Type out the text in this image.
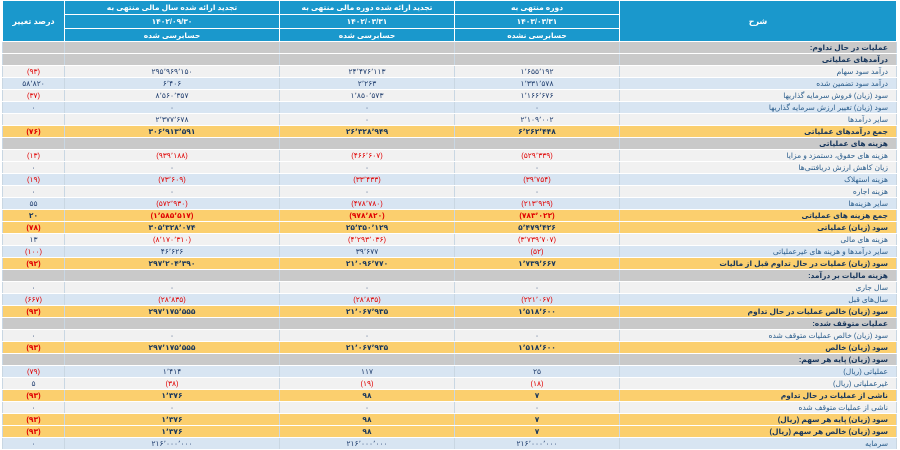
شرح	دوره منتهی به	تجدید ارائه شده دوره مالی منتهی به	تجدید ارائه شده سال مالی منتهی به	درصد تغییر
	۱۴۰۳/۰۳/۳۱	۱۴۰۲/۰۳/۳۱	۱۴۰۲/۰۹/۳۰	
	حسابرسی نشده	حسابرسی شده	حسابرسی شده	
عملیات در حال تداوم:				
درآمدهای عملیاتی				
درآمد سود سهام	۱٬۶۵۵٬۱۹۲	۲۴٬۴۷۶٬۱۱۳	۲۹۵٬۹۶۹٬۱۵۰	(۹۳)
درآمد سود تضمین شده	۱٬۳۳۱٬۵۷۸	۲٬۲۶۳	۶٬۴۰۶	۵۸٬۸۲۰
سود (زیان) فروش سرمایه گذاریها	۱٬۱۶۶٬۶۷۶	۱٬۸۵۰٬۵۷۳	۸٬۵۶۰٬۳۵۷	(۳۷)
سود (زیان) تغییر ارزش سرمایه گذاریها	۰	۰	۰	۰
سایر درآمدها	۲٬۱۰۹٬۰۰۲	۰	۲٬۳۷۷٬۶۷۸	
جمع درآمدهای عملیاتی	۶٬۲۶۲٬۴۴۸	۲۶٬۳۲۸٬۹۴۹	۳۰۶٬۹۱۳٬۵۹۱	(۷۶)
هزینه های عملیاتی				
هزینه های حقوق، دستمزد و مزایا	(۵۲۹٬۳۳۹)	(۴۶۶٬۶۰۷)	(۹۳۹٬۱۸۸)	(۱۳)
زیان کاهش ارزش دریافتنی‌ها	۰	۰	۰	۰
هزینه استهلاک	(۳۹٬۷۵۴)	(۳۳٬۴۳۳)	(۷۳٬۶۰۹)	(۱۹)
هزینه اجاره	۰	۰	۰	۰
سایر هزینه‌ها	(۲۱۳٬۹۲۹)	(۴۷۸٬۷۸۰)	(۵۷۲٬۹۳۰)	۵۵
جمع هزینه های عملیاتی	(۷۸۳٬۰۲۲)	(۹۷۸٬۸۲۰)	(۱٬۵۸۵٬۵۱۷)	۲۰
سود (زیان) عملیاتی	۵٬۴۷۹٬۴۲۶	۲۵٬۳۵۰٬۱۲۹	۳۰۵٬۳۲۸٬۰۷۴	(۷۸)
هزینه های مالی	(۳٬۷۳۹٬۷۰۷)	(۴٬۲۹۳٬۰۳۶)	(۸٬۱۷۰٬۳۱۰)	۱۳
سایر درآمدها و هزینه های غیرعملیاتی	(۵۲)	۳۹٬۶۷۷	۴۶٬۶۲۶	(۱۰۰)
سود (زیان) عملیات در حال تداوم قبل از مالیات	۱٬۷۳۹٬۶۶۷	۲۱٬۰۹۶٬۷۷۰	۲۹۷٬۲۰۴٬۳۹۰	(۹۲)
هزینه مالیات بر درآمد:				
سال جاری	۰	۰	۰	۰
سال‌های قبل	(۲۲۱٬۰۶۷)	(۲۸٬۸۳۵)	(۲۸٬۸۳۵)	(۶۶۷)
سود (زیان) خالص عملیات در حال تداوم	۱٬۵۱۸٬۶۰۰	۲۱٬۰۶۷٬۹۳۵	۲۹۷٬۱۷۵٬۵۵۵	(۹۳)
عملیات متوقف شده:				
سود (زیان) خالص عملیات متوقف شده	۰	۰	۰	۰
سود (زیان) خالص	۱٬۵۱۸٬۶۰۰	۲۱٬۰۶۷٬۹۳۵	۲۹۷٬۱۷۵٬۵۵۵	(۹۳)
سود (زیان) پایه هر سهم:				
عملیاتی (ریال)	۲۵	۱۱۷	۱٬۴۱۴	(۷۹)
غیرعملیاتی (ریال)	(۱۸)	(۱۹)	(۳۸)	۵
ناشی از عملیات در حال تداوم	۷	۹۸	۱٬۳۷۶	(۹۳)
ناشی از عملیات متوقف شده	۰	۰	۰	۰
سود (زیان) پایه هر سهم (ریال)	۷	۹۸	۱٬۳۷۶	(۹۳)
سود (زیان) خالص هر سهم (ریال)	۷	۹۸	۱٬۳۷۶	(۹۳)
سرمایه	۲۱۶٬۰۰۰٬۰۰۰	۲۱۶٬۰۰۰٬۰۰۰	۲۱۶٬۰۰۰٬۰۰۰	۰
